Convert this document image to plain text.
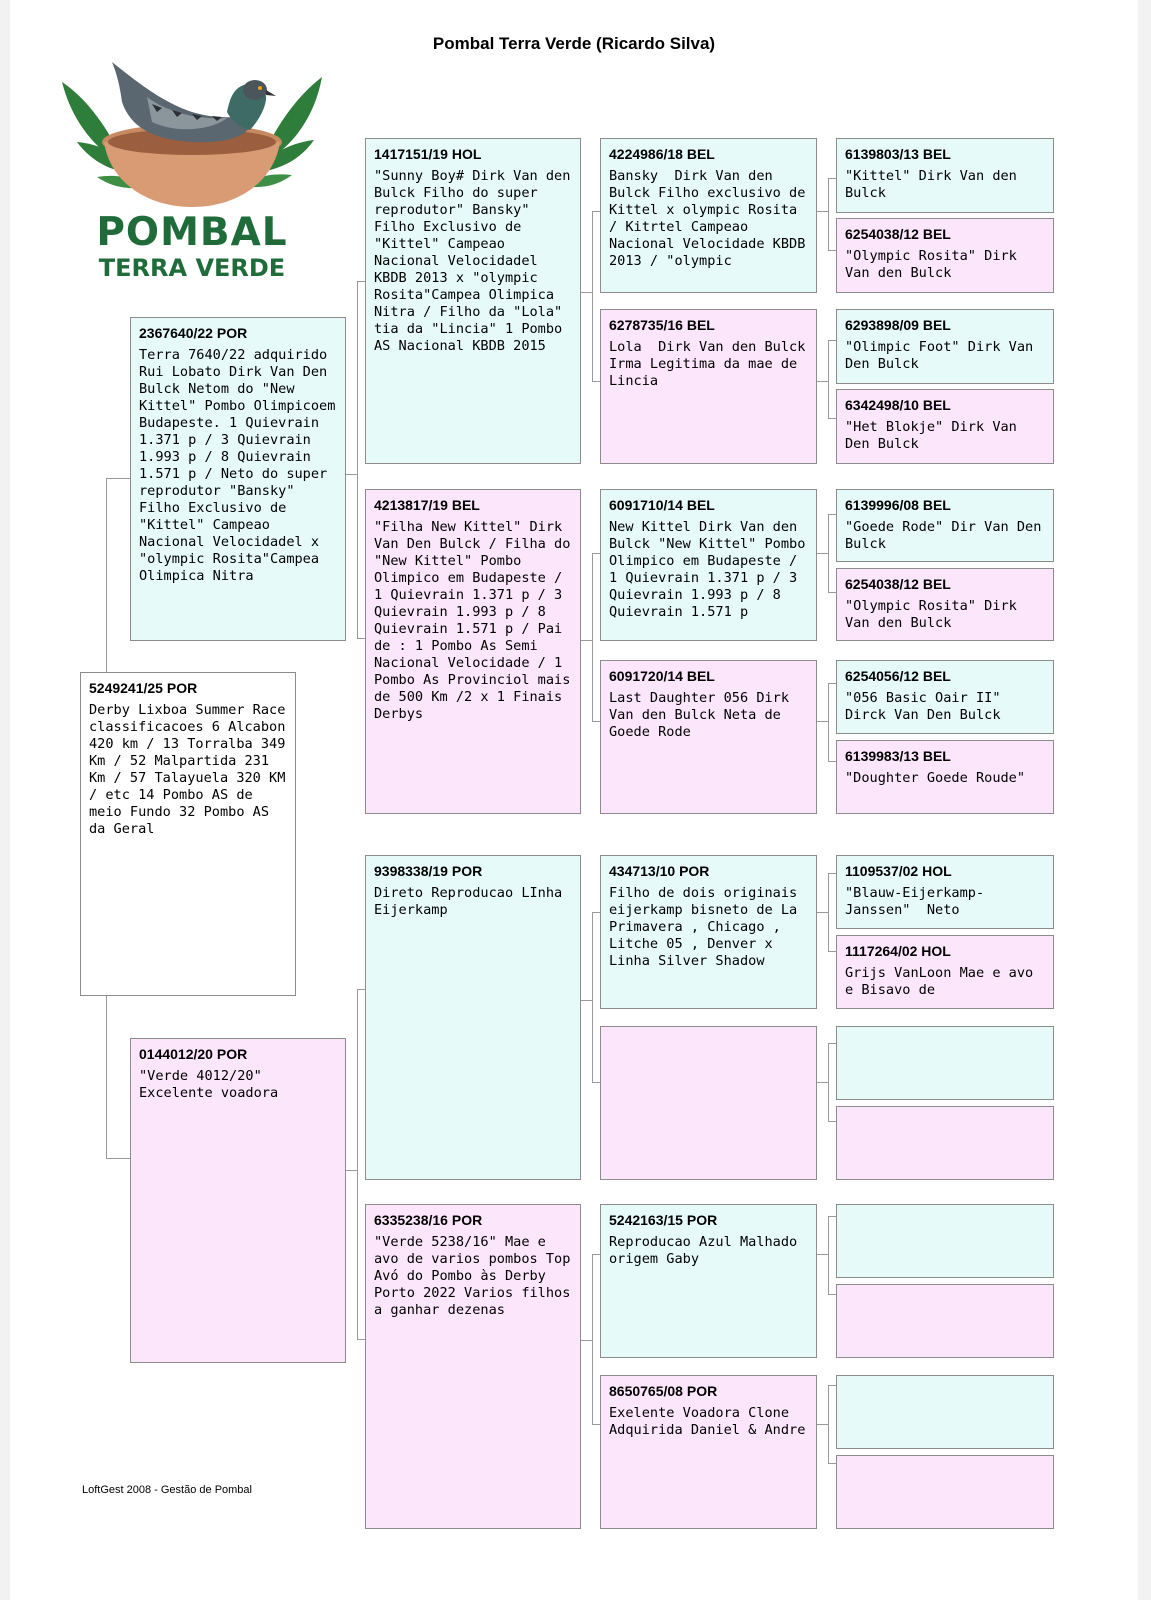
Pombal Terra Verde (Ricardo Silva)
POMBAL
TERRA VERDE
5249241/25 POR
Derby Lixboa Summer Race classificacoes 6 Alcabon 420 km / 13 Torralba 349 Km / 52 Malpartida 231 Km / 57 Talayuela 320 KM / etc 14 Pombo AS de meio Fundo 32 Pombo AS da Geral
2367640/22 POR
Terra 7640/22 adquirido Rui Lobato Dirk Van Den Bulck Netom do "New Kittel" Pombo Olimpicoem Budapeste. 1 Quievrain 1.371 p / 3 Quievrain 1.993 p / 8 Quievrain 1.571 p / Neto do super reprodutor "Bansky" Filho Exclusivo de "Kittel" Campeao Nacional Velocidadel x "olympic Rosita"Campea Olimpica Nitra
0144012/20 POR
"Verde 4012/20" Excelente voadora
1417151/19 HOL
"Sunny Boy# Dirk Van den Bulck Filho do super reprodutor" Bansky" Filho Exclusivo de "Kittel" Campeao Nacional Velocidadel KBDB 2013 x "olympic Rosita"Campea Olimpica Nitra / Filho da "Lola" tia da "Lincia" 1 Pombo AS Nacional KBDB 2015
4213817/19 BEL
"Filha New Kittel" Dirk Van Den Bulck / Filha do "New Kittel" Pombo Olimpico em Budapeste / 1 Quievrain 1.371 p / 3 Quievrain 1.993 p / 8 Quievrain 1.571 p / Pai de : 1 Pombo As Semi Nacional Velocidade / 1 Pombo As Provinciol mais de 500 Km /2 x 1 Finais Derbys
9398338/19 POR
Direto Reproducao LInha  Eijerkamp
6335238/16 POR
"Verde 5238/16" Mae e avo de varios pombos Top Avó do Pombo às Derby Porto 2022 Varios filhos a ganhar dezenas
4224986/18 BEL
Bansky  Dirk Van den Bulck Filho exclusivo de Kittel x olympic Rosita / Kitrtel Campeao Nacional Velocidade KBDB 2013 / "olympic
6278735/16 BEL
Lola  Dirk Van den Bulck Irma Legitima da mae de Lincia
6091710/14 BEL
New Kittel Dirk Van den Bulck "New Kittel" Pombo Olimpico em Budapeste / 1 Quievrain 1.371 p / 3 Quievrain 1.993 p / 8 Quievrain 1.571 p
6091720/14 BEL
Last Daughter 056 Dirk Van den Bulck Neta de Goede Rode
434713/10 POR
Filho de dois originais eijerkamp bisneto de La Primavera , Chicago , Litche 05 , Denver x Linha Silver Shadow
5242163/15 POR
Reproducao Azul Malhado origem Gaby
8650765/08 POR
Exelente Voadora Clone Adquirida Daniel & Andre
6139803/13 BEL
"Kittel" Dirk Van den Bulck
6254038/12 BEL
"Olympic Rosita" Dirk Van den Bulck
6293898/09 BEL
"Olimpic Foot" Dirk Van Den Bulck
6342498/10 BEL
"Het Blokje" Dirk Van Den Bulck
6139996/08 BEL
"Goede Rode" Dir Van Den Bulck
6254038/12 BEL
"Olympic Rosita" Dirk Van den Bulck
6254056/12 BEL
"056 Basic Oair II" Dirck Van Den Bulck
6139983/13 BEL
"Doughter Goede Roude"
1109537/02 HOL
"Blauw-Eijerkamp-Janssen"  Neto
1117264/02 HOL
Grijs VanLoon Mae e avo e Bisavo de
LoftGest 2008 - Gestão de Pombal
